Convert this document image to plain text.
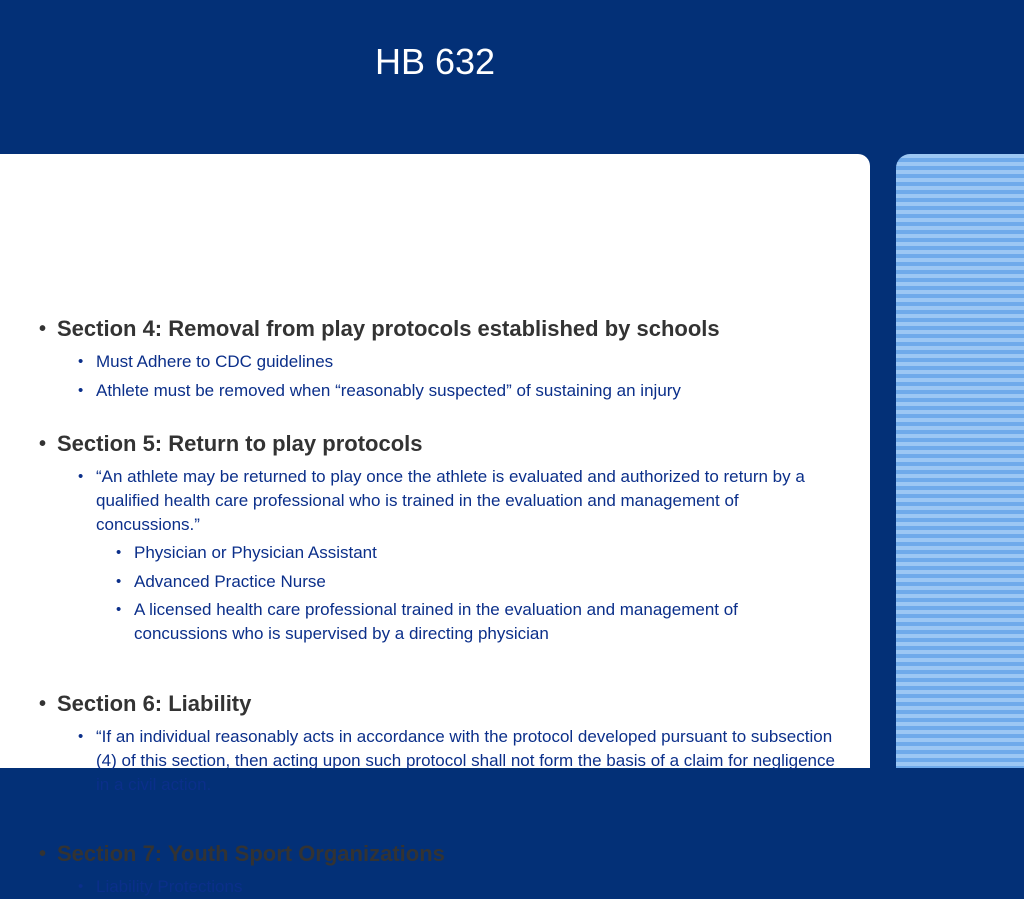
HB 632

• Section 4: Removal from play protocols established by schools

• Must Adhere to CDC guidelines

• Athlete must be removed when “reasonably suspected” of sustaining an injury

• Section 5: Return to play protocols

• “An athlete may be returned to play once the athlete is evaluated and authorized to return by a qualified health care professional who is trained in the evaluation and management of concussions.”

• Physician or Physician Assistant

• Advanced Practice Nurse

• A licensed health care professional trained in the evaluation and management of concussions who is supervised by a directing physician

• Section 6: Liability

• “If an individual reasonably acts in accordance with the protocol developed pursuant to subsection (4) of this section, then acting upon such protocol shall not form the basis of a claim for negligence in a civil action.

• Section 7: Youth Sport Organizations

• Liability Protections
